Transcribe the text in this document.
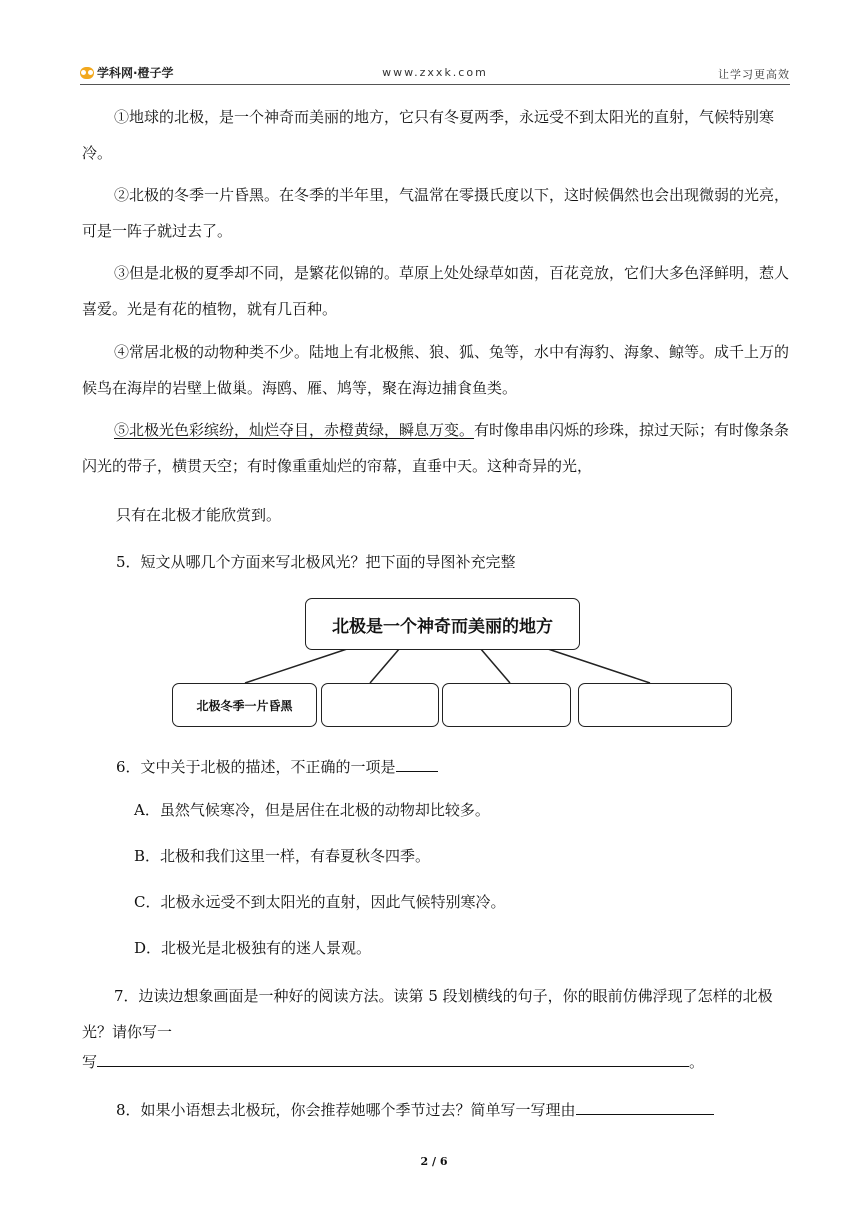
学科网·橙子学	www.zxxk.com	让学习更高效
①地球的北极，是一个神奇而美丽的地方，它只有冬夏两季，永远受不到太阳光的直射，气候特别寒冷。
②北极的冬季一片昏黑。在冬季的半年里，气温常在零摄氏度以下，这时候偶然也会出现微弱的光亮，可是一阵子就过去了。
③但是北极的夏季却不同，是繁花似锦的。草原上处处绿草如茵，百花竞放，它们大多色泽鲜明，惹人喜爱。光是有花的植物，就有几百种。
④常居北极的动物种类不少。陆地上有北极熊、狼、狐、兔等，水中有海豹、海象、鲸等。成千上万的候鸟在海岸的岩壁上做巢。海鸥、雁、鸠等，聚在海边捕食鱼类。
⑤北极光色彩缤纷，灿烂夺目，赤橙黄绿，瞬息万变。有时像串串闪烁的珍珠，掠过天际；有时像条条闪光的带子，横贯天空；有时像重重灿烂的帘幕，直垂中天。这种奇异的光，
只有在北极才能欣赏到。
5．短文从哪几个方面来写北极风光？把下面的导图补充完整
北极是一个神奇而美丽的地方
北极冬季一片昏黑
6．文中关于北极的描述，不正确的一项是
A．虽然气候寒冷，但是居住在北极的动物却比较多。
B．北极和我们这里一样，有春夏秋冬四季。
C．北极永远受不到太阳光的直射，因此气候特别寒冷。
D．北极光是北极独有的迷人景观。
7．边读边想象画面是一种好的阅读方法。读第 5 段划横线的句子，你的眼前仿佛浮现了怎样的北极光？请你写一
写	。
8．如果小语想去北极玩，你会推荐她哪个季节过去？简单写一写理由
2 / 6
